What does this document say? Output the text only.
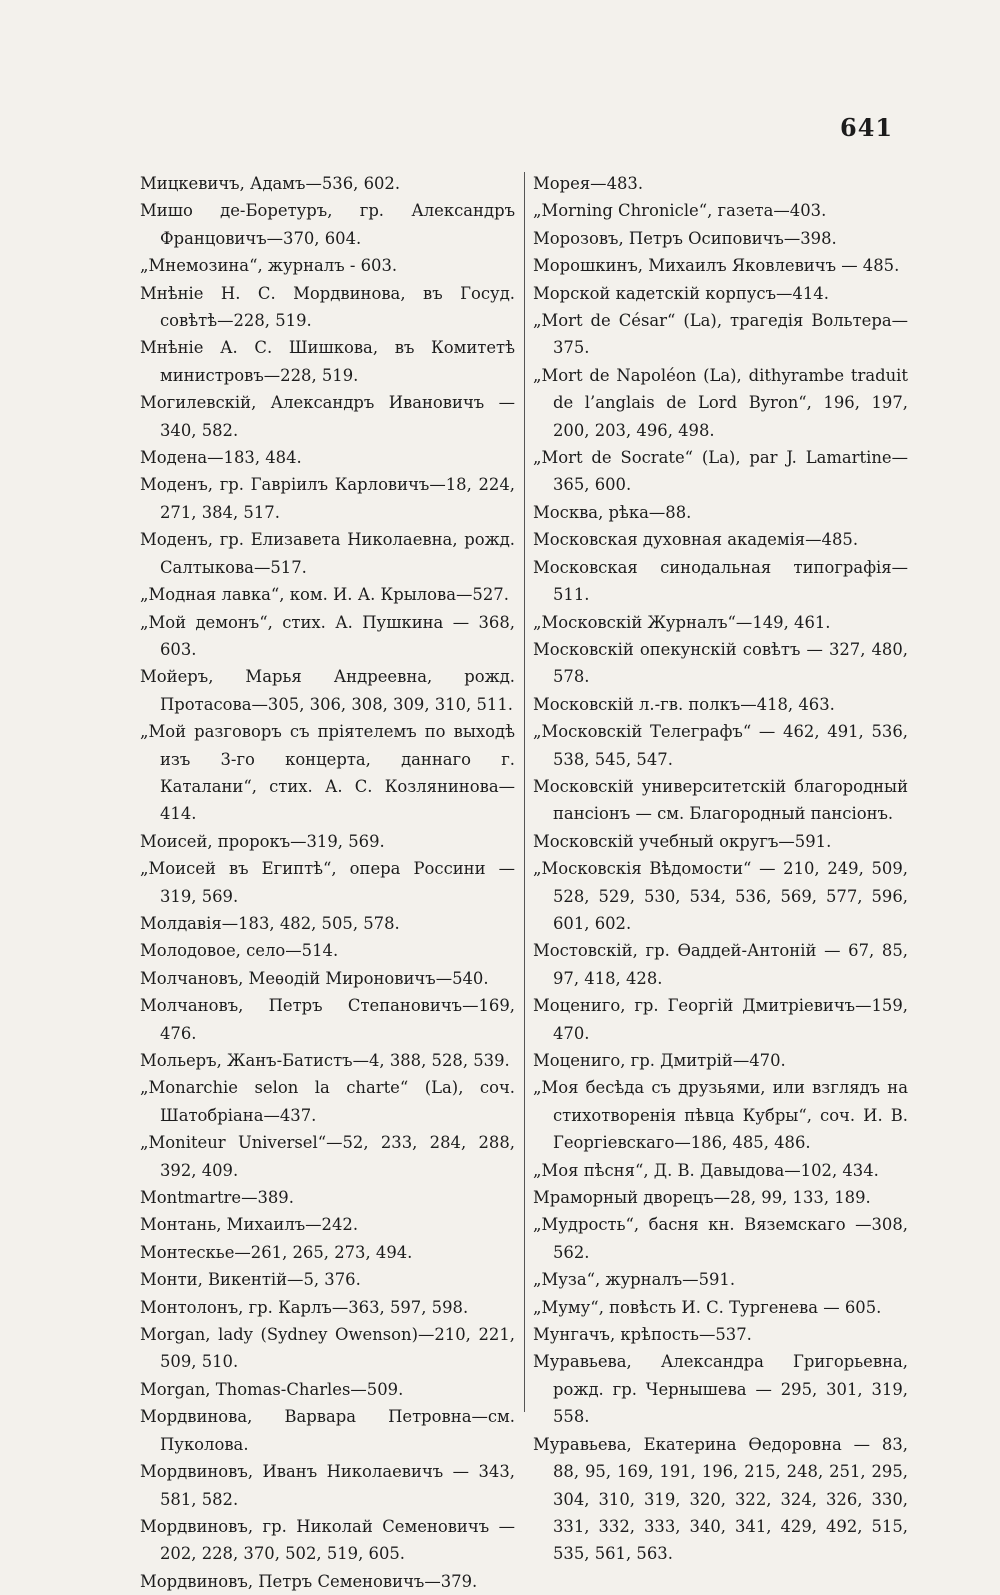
641
Мицкевичъ, Адамъ—536, 602.
Мишо де-Боретуръ, гр. Александръ Францовичъ—370, 604.
„Мнемозина“, журналъ - 603.
Мнѣніе Н. С. Мордвинова, въ Госуд. совѣтѣ—228, 519.
Мнѣніе А. С. Шишкова, въ Комитетѣ министровъ—228, 519.
Могилевскій, Александръ Ивановичъ — 340, 582.
Модена—183, 484.
Моденъ, гр. Гавріилъ Карловичъ—18, 224, 271, 384, 517.
Моденъ, гр. Елизавета Николаевна, рожд. Салтыкова—517.
„Модная лавка“, ком. И. А. Крылова—527.
„Мой демонъ“, стих. А. Пушкина — 368, 603.
Мойеръ, Марья Андреевна, рожд. Протасова—305, 306, 308, 309, 310, 511.
„Мой разговоръ съ пріятелемъ по выходѣ изъ 3-го концерта, даннаго г. Каталани“, стих. А. С. Козлянинова—414.
Моисей, пророкъ—319, 569.
„Моисей въ Египтѣ“, опера Россини — 319, 569.
Молдавія—183, 482, 505, 578.
Молодовое, село—514.
Молчановъ, Меѳодій Мироновичъ—540.
Молчановъ, Петръ Степановичъ—169, 476.
Мольеръ, Жанъ-Батистъ—4, 388, 528, 539.
„Monarchie selon la charte“ (La), соч. Шатобріана—437.
„Moniteur Universel“—52, 233, 284, 288, 392, 409.
Montmartre—389.
Монтань, Михаилъ—242.
Монтескье—261, 265, 273, 494.
Монти, Викентій—5, 376.
Монтолонъ, гр. Карлъ—363, 597, 598.
Morgan, lady (Sydney Owenson)—210, 221, 509, 510.
Morgan, Thomas-Charles—509.
Мордвинова, Варвара Петровна—см. Пуколова.
Мордвиновъ, Иванъ Николаевичъ — 343, 581, 582.
Мордвиновъ, гр. Николай Семеновичъ — 202, 228, 370, 502, 519, 605.
Мордвиновъ, Петръ Семеновичъ—379.
Морея—483.
„Morning Chronicle“, газета—403.
Морозовъ, Петръ Осиповичъ—398.
Морошкинъ, Михаилъ Яковлевичъ — 485.
Морской кадетскій корпусъ—414.
„Mort de César“ (La), трагедія Вольтера—375.
„Mort de Napoléon (La), dithyrambe traduit de l’anglais de Lord Byron“, 196, 197, 200, 203, 496, 498.
„Mort de Socrate“ (La), par J. Lamartine—365, 600.
Москва, рѣка—88.
Московская духовная академія—485.
Московская синодальная типографія—511.
„Московскій Журналъ“—149, 461.
Московскій опекунскій совѣтъ — 327, 480, 578.
Московскій л.-гв. полкъ—418, 463.
„Московскій Телеграфъ“ — 462, 491, 536, 538, 545, 547.
Московскій университетскій благородный пансіонъ — см. Благородный пансіонъ.
Московскій учебный округъ—591.
„Московскія Вѣдомости“ — 210, 249, 509, 528, 529, 530, 534, 536, 569, 577, 596, 601, 602.
Мостовскій, гр. Ѳаддей-Антоній — 67, 85, 97, 418, 428.
Моцениго, гр. Георгій Дмитріевичъ—159, 470.
Моцениго, гр. Дмитрій—470.
„Моя бесѣда съ друзьями, или взглядъ на стихотворенія пѣвца Кубры“, соч. И. В. Георгіевскаго—186, 485, 486.
„Моя пѣсня“, Д. В. Давыдова—102, 434.
Мраморный дворецъ—28, 99, 133, 189.
„Мудрость“, басня кн. Вяземскаго —308, 562.
„Муза“, журналъ—591.
„Муму“, повѣсть И. С. Тургенева — 605.
Мунгачъ, крѣпость—537.
Муравьева, Александра Григорьевна, рожд. гр. Чернышева — 295, 301, 319, 558.
Муравьева, Екатерина Ѳедоровна — 83, 88, 95, 169, 191, 196, 215, 248, 251, 295, 304, 310, 319, 320, 322, 324, 326, 330, 331, 332, 333, 340, 341, 429, 492, 515, 535, 561, 563.
